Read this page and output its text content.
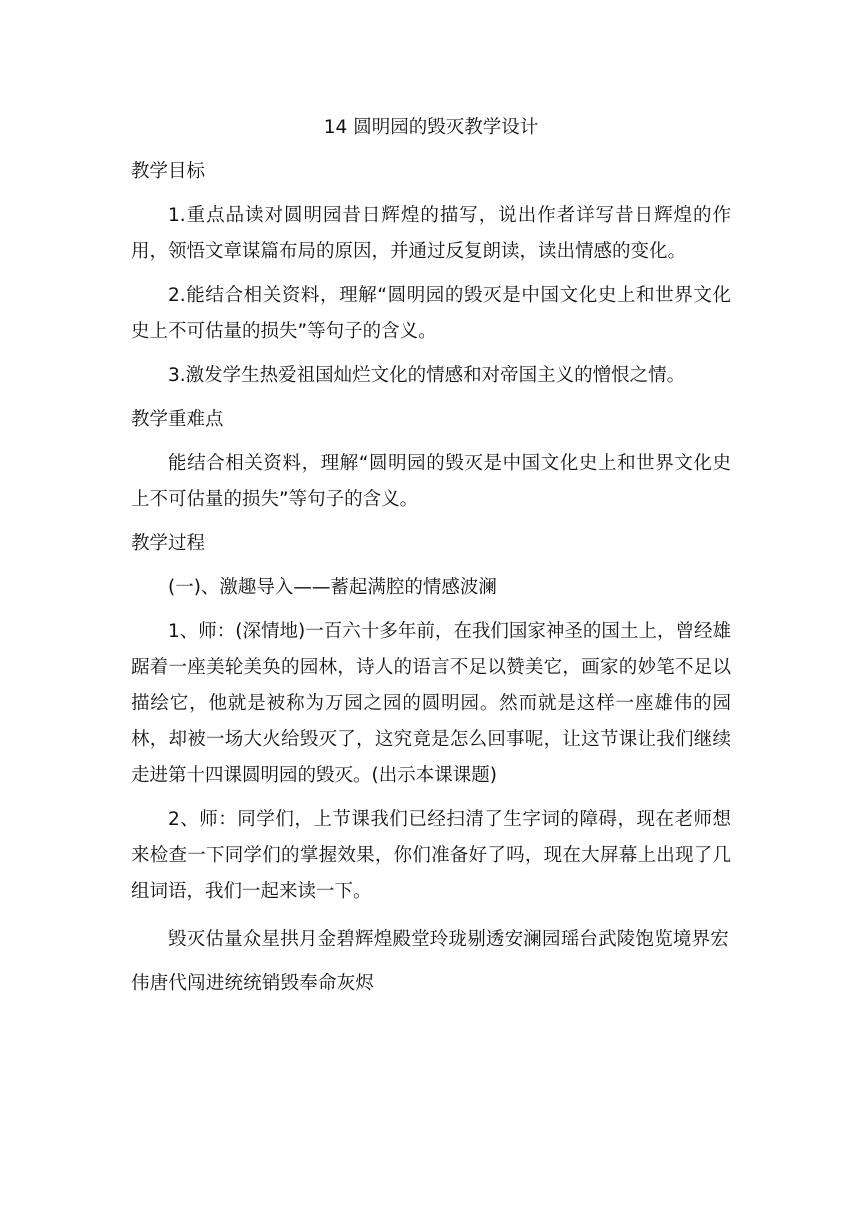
14 圆明园的毁灭教学设计
教学目标

1.重点品读对圆明园昔日辉煌的描写，说出作者详写昔日辉煌的作用，领悟文章谋篇布局的原因，并通过反复朗读，读出情感的变化。

2.能结合相关资料，理解“圆明园的毁灭是中国文化史上和世界文化史上不可估量的损失”等句子的含义。

3.激发学生热爱祖国灿烂文化的情感和对帝国主义的憎恨之情。

教学重难点

能结合相关资料，理解“圆明园的毁灭是中国文化史上和世界文化史上不可估量的损失”等句子的含义。

教学过程

(一)、激趣导入——蓄起满腔的情感波澜

1、师：(深情地)一百六十多年前，在我们国家神圣的国土上，曾经雄踞着一座美轮美奂的园林，诗人的语言不足以赞美它，画家的妙笔不足以描绘它，他就是被称为万园之园的圆明园。然而就是这样一座雄伟的园林，却被一场大火给毁灭了，这究竟是怎么回事呢，让这节课让我们继续走进第十四课圆明园的毁灭。(出示本课课题)

2、师：同学们，上节课我们已经扫清了生字词的障碍，现在老师想来检查一下同学们的掌握效果，你们准备好了吗，现在大屏幕上出现了几组词语，我们一起来读一下。

毁灭估量众星拱月金碧辉煌殿堂玲珑剔透安澜园瑶台武陵饱览境界宏伟唐代闯进统统销毁奉命灰烬
